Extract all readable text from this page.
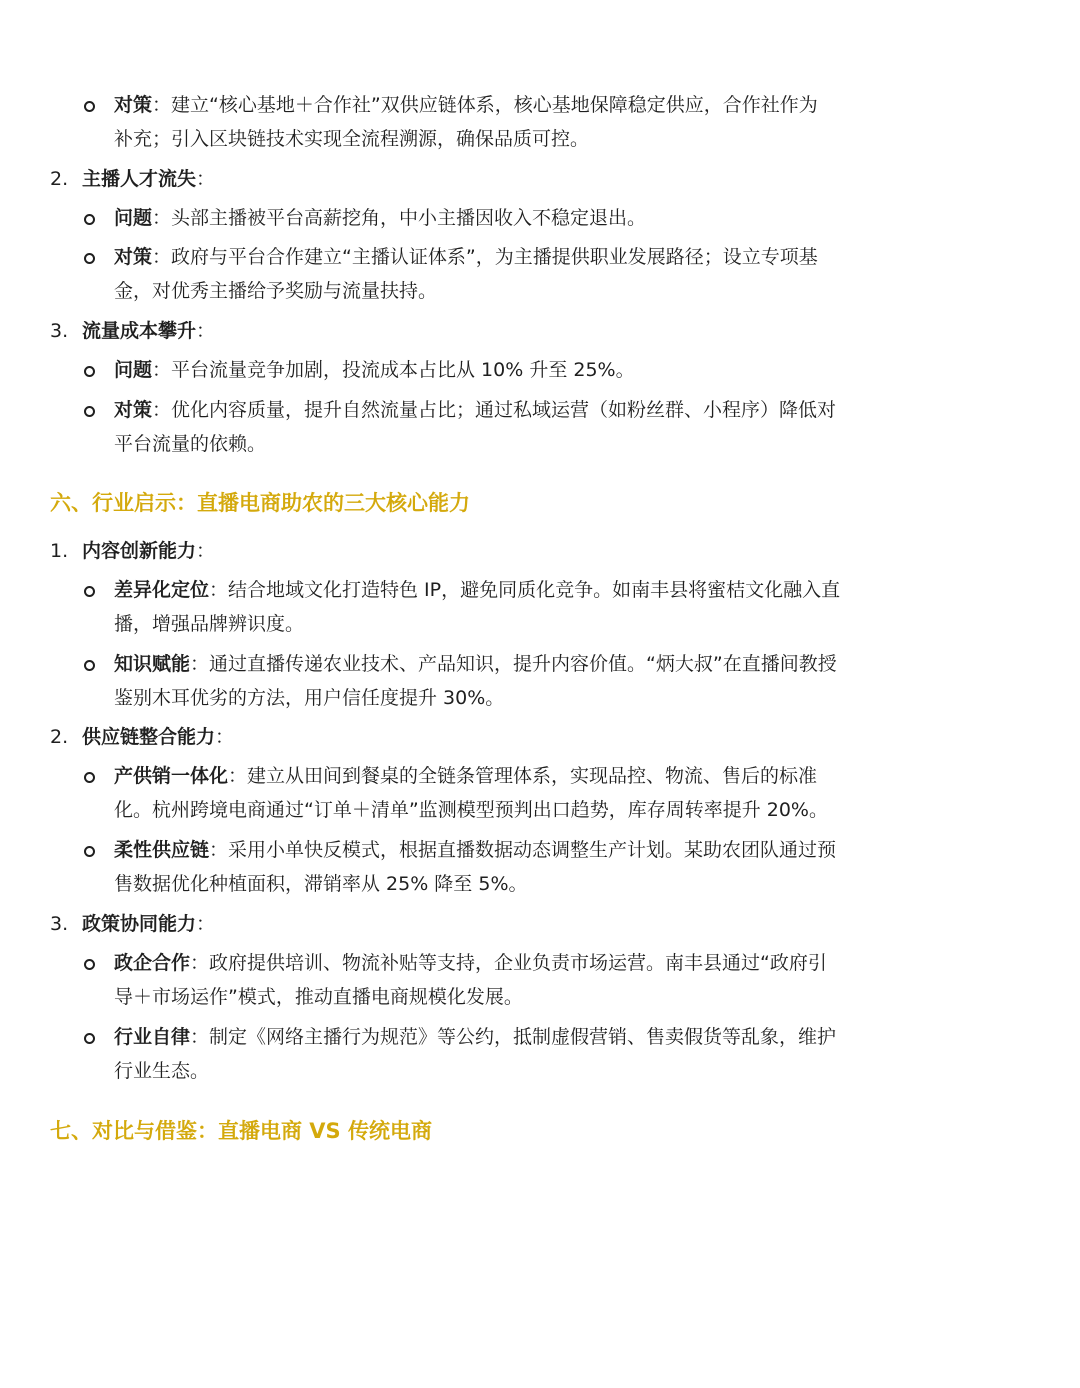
对策：建立“核心基地＋合作社”双供应链体系，核心基地保障稳定供应，合作社作为
补充；引入区块链技术实现全流程溯源，确保品质可控。
2. 主播人才流失：
问题：头部主播被平台高薪挖角，中小主播因收入不稳定退出。
对策：政府与平台合作建立“主播认证体系”，为主播提供职业发展路径；设立专项基
金，对优秀主播给予奖励与流量扶持。
3. 流量成本攀升：
问题：平台流量竞争加剧，投流成本占比从 10% 升至 25%。
对策：优化内容质量，提升自然流量占比；通过私域运营（如粉丝群、小程序）降低对
平台流量的依赖。
六、行业启示：直播电商助农的三大核心能力
1. 内容创新能力：
差异化定位：结合地域文化打造特色 IP，避免同质化竞争。如南丰县将蜜桔文化融入直
播，增强品牌辨识度。
知识赋能：通过直播传递农业技术、产品知识，提升内容价值。“炳大叔”在直播间教授
鉴别木耳优劣的方法，用户信任度提升 30%。
2. 供应链整合能力：
产供销一体化：建立从田间到餐桌的全链条管理体系，实现品控、物流、售后的标准
化。杭州跨境电商通过“订单＋清单”监测模型预判出口趋势，库存周转率提升 20%。
柔性供应链：采用小单快反模式，根据直播数据动态调整生产计划。某助农团队通过预
售数据优化种植面积，滞销率从 25% 降至 5%。
3. 政策协同能力：
政企合作：政府提供培训、物流补贴等支持，企业负责市场运营。南丰县通过“政府引
导＋市场运作”模式，推动直播电商规模化发展。
行业自律：制定《网络主播行为规范》等公约，抵制虚假营销、售卖假货等乱象，维护
行业生态。
七、对比与借鉴：直播电商 VS 传统电商
